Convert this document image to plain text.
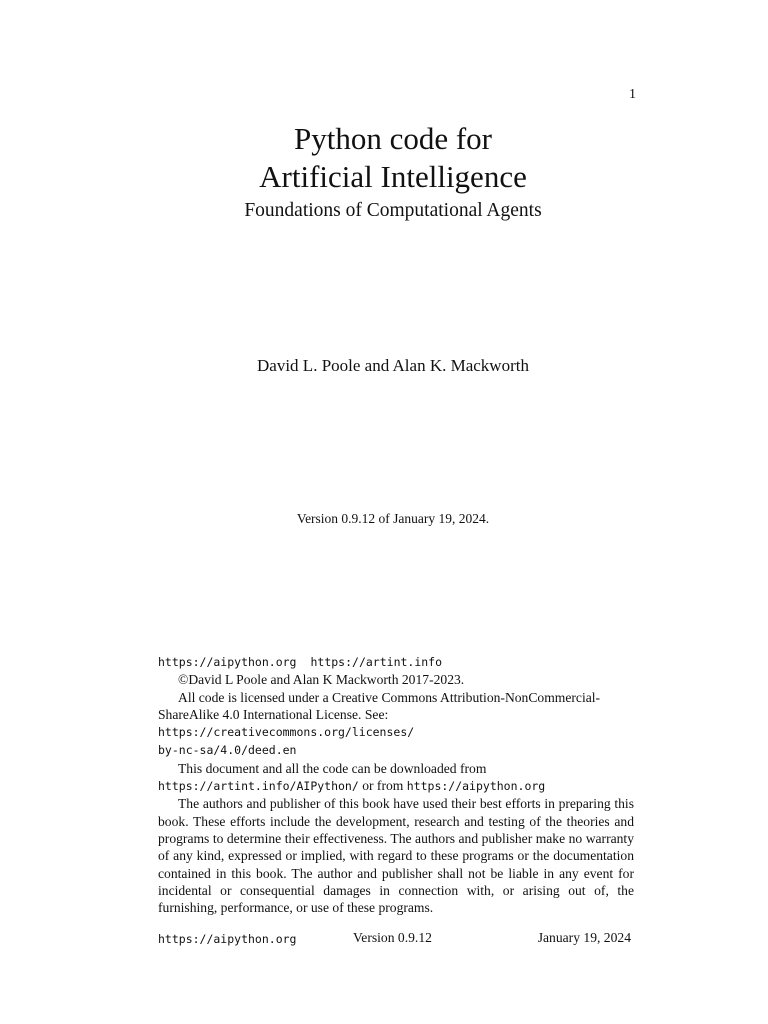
1
Python code for
Artificial Intelligence
Foundations of Computational Agents
David L. Poole and Alan K. Mackworth
Version 0.9.12 of January 19, 2024.

https://aipython.org https://artint.info

©David L Poole and Alan K Mackworth 2017-2023.

All code is licensed under a Creative Commons Attribution-NonCommercial-ShareAlike 4.0 International License. See: https://creativecommons.org/licenses/
by-nc-sa/4.0/deed.en

This document and all the code can be downloaded from
https://artint.info/AIPython/ or from https://aipython.org

The authors and publisher of this book have used their best efforts in preparing this book. These efforts include the development, research and testing of the theories and programs to determine their effectiveness. The authors and publisher make no warranty of any kind, expressed or implied, with regard to these programs or the documentation contained in this book. The author and publisher shall not be liable in any event for incidental or consequential damages in connection with, or arising out of, the furnishing, performance, or use of these programs.

https://aipython.org	Version 0.9.12	January 19, 2024
